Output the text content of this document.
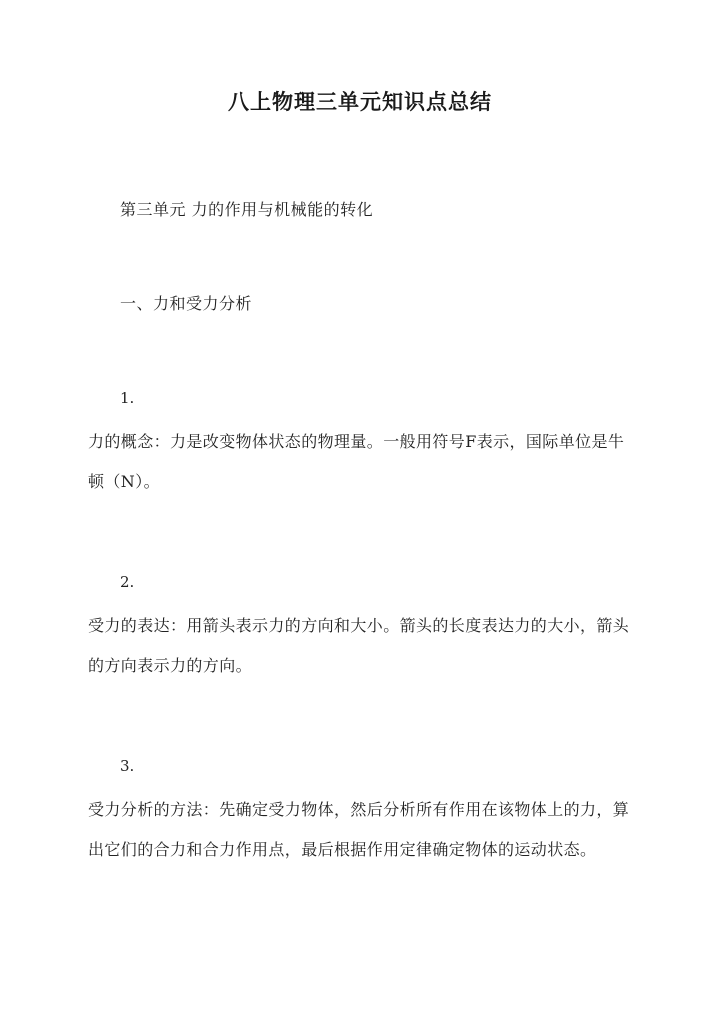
八上物理三单元知识点总结
第三单元 力的作用与机械能的转化
一、力和受力分析
1.

力的概念：力是改变物体状态的物理量。一般用符号F表示，国际单位是牛顿（N）。

2.

受力的表达：用箭头表示力的方向和大小。箭头的长度表达力的大小，箭头的方向表示力的方向。

3.

受力分析的方法：先确定受力物体，然后分析所有作用在该物体上的力，算出它们的合力和合力作用点，最后根据作用定律确定物体的运动状态。
